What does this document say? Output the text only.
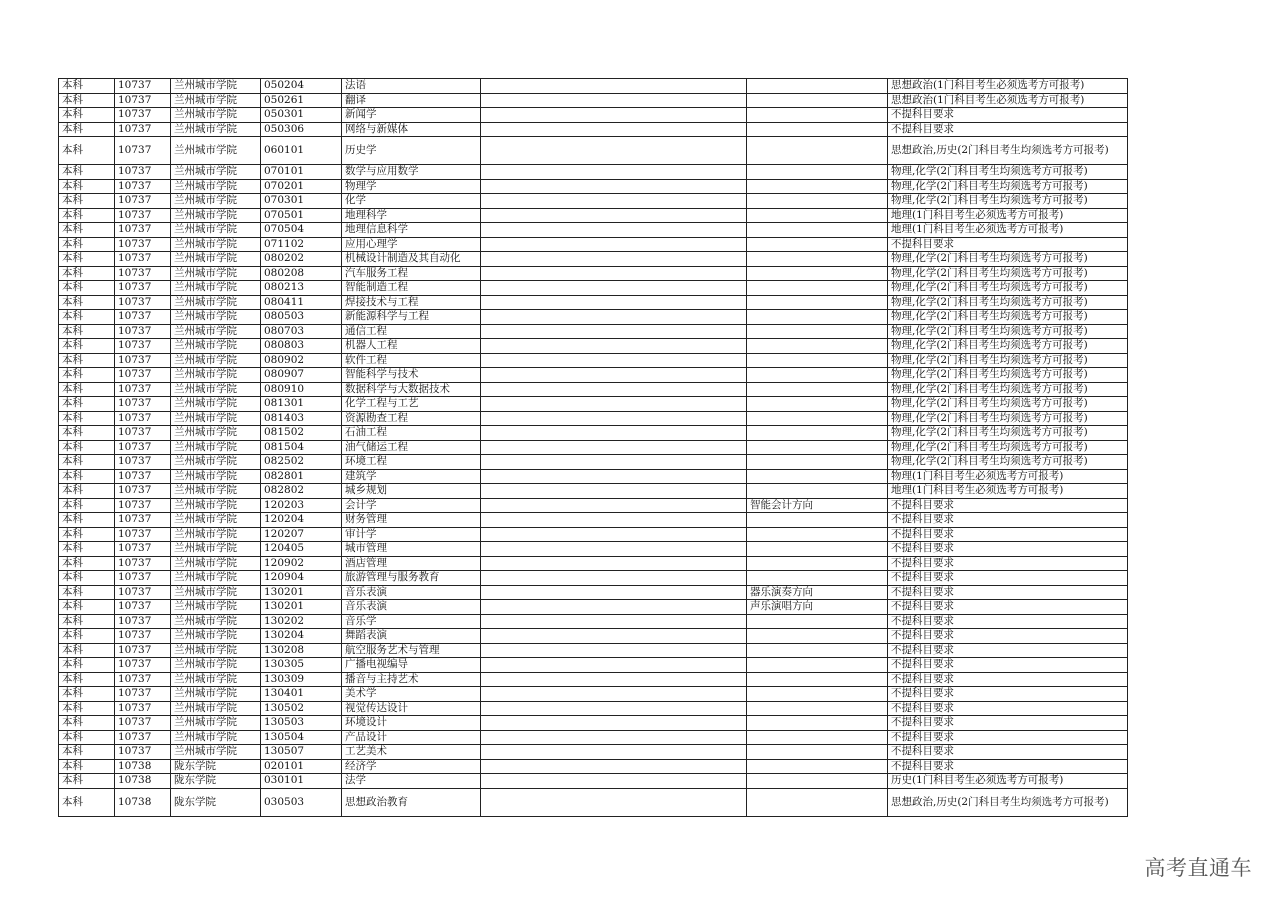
本科	10737	兰州城市学院	050204	法语			思想政治(1门科目考生必须选考方可报考)
本科	10737	兰州城市学院	050261	翻译			思想政治(1门科目考生必须选考方可报考)
本科	10737	兰州城市学院	050301	新闻学			不提科目要求
本科	10737	兰州城市学院	050306	网络与新媒体			不提科目要求
本科	10737	兰州城市学院	060101	历史学			思想政治,历史(2门科目考生均须选考方可报考)
本科	10737	兰州城市学院	070101	数学与应用数学			物理,化学(2门科目考生均须选考方可报考)
本科	10737	兰州城市学院	070201	物理学			物理,化学(2门科目考生均须选考方可报考)
本科	10737	兰州城市学院	070301	化学			物理,化学(2门科目考生均须选考方可报考)
本科	10737	兰州城市学院	070501	地理科学			地理(1门科目考生必须选考方可报考)
本科	10737	兰州城市学院	070504	地理信息科学			地理(1门科目考生必须选考方可报考)
本科	10737	兰州城市学院	071102	应用心理学			不提科目要求
本科	10737	兰州城市学院	080202	机械设计制造及其自动化			物理,化学(2门科目考生均须选考方可报考)
本科	10737	兰州城市学院	080208	汽车服务工程			物理,化学(2门科目考生均须选考方可报考)
本科	10737	兰州城市学院	080213	智能制造工程			物理,化学(2门科目考生均须选考方可报考)
本科	10737	兰州城市学院	080411	焊接技术与工程			物理,化学(2门科目考生均须选考方可报考)
本科	10737	兰州城市学院	080503	新能源科学与工程			物理,化学(2门科目考生均须选考方可报考)
本科	10737	兰州城市学院	080703	通信工程			物理,化学(2门科目考生均须选考方可报考)
本科	10737	兰州城市学院	080803	机器人工程			物理,化学(2门科目考生均须选考方可报考)
本科	10737	兰州城市学院	080902	软件工程			物理,化学(2门科目考生均须选考方可报考)
本科	10737	兰州城市学院	080907	智能科学与技术			物理,化学(2门科目考生均须选考方可报考)
本科	10737	兰州城市学院	080910	数据科学与大数据技术			物理,化学(2门科目考生均须选考方可报考)
本科	10737	兰州城市学院	081301	化学工程与工艺			物理,化学(2门科目考生均须选考方可报考)
本科	10737	兰州城市学院	081403	资源勘查工程			物理,化学(2门科目考生均须选考方可报考)
本科	10737	兰州城市学院	081502	石油工程			物理,化学(2门科目考生均须选考方可报考)
本科	10737	兰州城市学院	081504	油气储运工程			物理,化学(2门科目考生均须选考方可报考)
本科	10737	兰州城市学院	082502	环境工程			物理,化学(2门科目考生均须选考方可报考)
本科	10737	兰州城市学院	082801	建筑学			物理(1门科目考生必须选考方可报考)
本科	10737	兰州城市学院	082802	城乡规划			地理(1门科目考生必须选考方可报考)
本科	10737	兰州城市学院	120203	会计学		智能会计方向	不提科目要求
本科	10737	兰州城市学院	120204	财务管理			不提科目要求
本科	10737	兰州城市学院	120207	审计学			不提科目要求
本科	10737	兰州城市学院	120405	城市管理			不提科目要求
本科	10737	兰州城市学院	120902	酒店管理			不提科目要求
本科	10737	兰州城市学院	120904	旅游管理与服务教育			不提科目要求
本科	10737	兰州城市学院	130201	音乐表演		器乐演奏方向	不提科目要求
本科	10737	兰州城市学院	130201	音乐表演		声乐演唱方向	不提科目要求
本科	10737	兰州城市学院	130202	音乐学			不提科目要求
本科	10737	兰州城市学院	130204	舞蹈表演			不提科目要求
本科	10737	兰州城市学院	130208	航空服务艺术与管理			不提科目要求
本科	10737	兰州城市学院	130305	广播电视编导			不提科目要求
本科	10737	兰州城市学院	130309	播音与主持艺术			不提科目要求
本科	10737	兰州城市学院	130401	美术学			不提科目要求
本科	10737	兰州城市学院	130502	视觉传达设计			不提科目要求
本科	10737	兰州城市学院	130503	环境设计			不提科目要求
本科	10737	兰州城市学院	130504	产品设计			不提科目要求
本科	10737	兰州城市学院	130507	工艺美术			不提科目要求
本科	10738	陇东学院	020101	经济学			不提科目要求
本科	10738	陇东学院	030101	法学			历史(1门科目考生必须选考方可报考)
本科	10738	陇东学院	030503	思想政治教育			思想政治,历史(2门科目考生均须选考方可报考)
高考直通车
